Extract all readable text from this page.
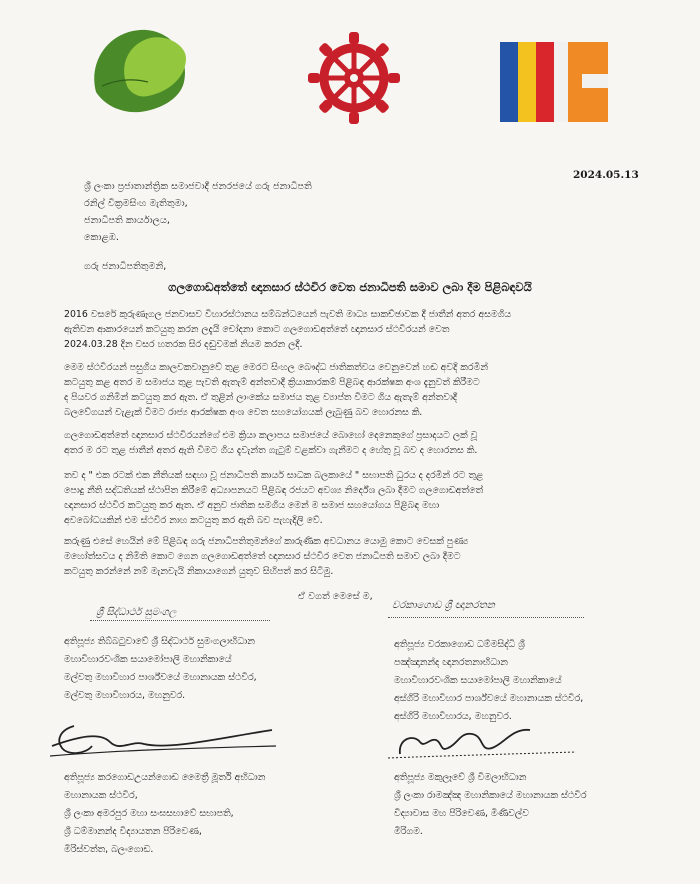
2024.05.13
ශ්‍රී ලංකා ප්‍රජාතාන්ත්‍රික සමාජවාදී ජනරජයේ ගරු ජනාධිපති
රනිල් වික්‍රමසිංහ මැතිතුමා,
ජනාධිපති කාර්යාලය,
කොළඹ.
ගරු ජනාධිපතිතුමනි,
ගලගොඩඅත්තේ ඥානසාර ස්ථවිර වෙත ජනාධිපති සමාව ලබා දීම පිළිබඳවයි
2016 වසරේ කුරුණෑගල ජනවාසව විහාරස්ථානය සම්බන්ධයෙන් පැවති මාධ්‍ය සාකච්ඡාවක දී ජාතීන් අතර අසමගිය
ඇතිවන ආකාරයෙන් කටයුතු කරන ලදැයි චෝදනා කොට ගලගොඩඅත්තේ ඥානසාර ස්ථවිරයන් වෙත
2024.03.28 දින වසර හතරක සිර දඬුවමක් නියම කරන ලදී.
මෙම ස්ථවිරයන් පසුගිය කාලවකවානුවේ තුළ මෙරට සිංහල බෞද්ධ ජාතිකත්වය වෙනුවෙන් හඬ අවදි කරමින්
කටයුතු කළ අතර ම සමාජය තුළ පැවති ඇතැම් අන්තවාදී ක්‍රියාකාරකම් පිළිබඳ ආරක්ෂක අංශ දැනුවත් කිරීමට
ද පියවර ගනිමින් කටයුතු කර ඇත. ඒ තුළින් ලාංකේය සමාජය තුළ ව්‍යාප්ත වීමට ගිය ඇතැම් අන්තවාදී
බලවේගයන් වැළැක් වීමට රාජ්‍ය ආරක්ෂක අංශ වෙත සහයෝගයක් ලැබුණු බව හොරනස කි.
ගලගොඩඅත්තේ ඥානසාර ස්ථවිරයන්ගේ එම ක්‍රියා කලාපය සමාජයේ බොහෝ දෙනෙකුගේ ප්‍රසාදයට ලක් වූ
අතර ම රට තුළ ජාතීන් අතර ඇති වීමට ගිය දැවැන්ත ගැටුම් වළක්වා ගැනීමට ද හේතු වූ බව ද හොරනස කි.
තව ද " එක රටක් එක නීතියක් සඳහා වූ ජනාධිපති කාර්ය සාධක බලකායේ " සභාපති ධුරය ද දරමින් රට තුළ
පොදු නීති සද්ධතියක් ස්ථාපිත කිරීමේ අධ්‍යාපනයට පිළිබඳ රජයට අවශ්‍ය නිර්දේශ ලබා දීමට ගලගොඩඅත්තේ
ඥානසාර ස්ථවිර කටයුතු කර ඇත. ඒ අනුව ජාතික සමගිය මෙන් ම සමාජ සහයෝගය පිළිබඳ මහා
අවබෝධයකින් එම ස්ථවිර නාහ කටයුතු කර ඇති බව පැහැදිලි වේ.
කරුණු එසේ හෙයින් මේ පිළිබඳ ගරු ජනාධිපතිතුමන්ගේ කාරුණික අවධානය යොමු කොට වෙසක් පුණ්‍ය
මහෝත්සවය ද නිමිති කොට ගෙන ගලගොඩඅත්තේ ඥානසාර ස්ථවිර වෙත ජනාධිපති සමාව ලබා දීමට
කටයුතු කරන්නේ නම් මැනවැයි නිකායාගෙන් යුතුව සිහිපත් කර සිටිමු.
ඒ වගත් මෙසේ ම,
ශ්‍රී සිද්ධාර්ථ සුමංගල
වරකාගොඩ ශ්‍රී ඥානරතන
අතිපූජ්‍ය තිබ්බටුවාවේ ශ්‍රී සිද්ධාර්ථ සුමංගලාභිධාන
මහාවිහාරවංශික සයාමෝපාලි මහානිකායේ
මල්වතු මහාවිහාර පාර්ශ්වයේ මහානායක ස්ථවිර,
මල්වතු මහාවිහාරය, මහනුවර.
අතිපූජ්‍ය වරකාගොඩ ධම්මසිද්ධි ශ්‍රී
පඤ්ඤානන්ද ඥානරතනාභිධාන
මහාවිහාරවංශික සයාමෝපාලි මහානිකායේ
අස්ගිරි මහාවිහාර පාර්ශ්වයේ මහානායක ස්ථවිර,
අස්ගිරි මහාවිහාරය, මහනුවර.
අතිපූජ්‍ය කරගොඩඋයන්ගොඩ මෛත්‍රී මූර්ති අභිධාන
මහානායක ස්ථවිර,
ශ්‍රී ලංකා අමරපුර මහා සංඝසභාවේ සභාපති,
ශ්‍රී ධම්මානන්ද විද්‍යායතන පිරිවෙණ,
මිරිස්වත්ත, බලංගොඩ.
අතිපූජ්‍ය මකුලෑවේ ශ්‍රී විමලාභිධාන
ශ්‍රී ලංකා රාමඤ්ඤ මහානිකායේ මහානායක ස්ථවිර
විද්‍යාවාස මහ පිරිවෙණ, මිණිවල්ව
මීරිගම.
